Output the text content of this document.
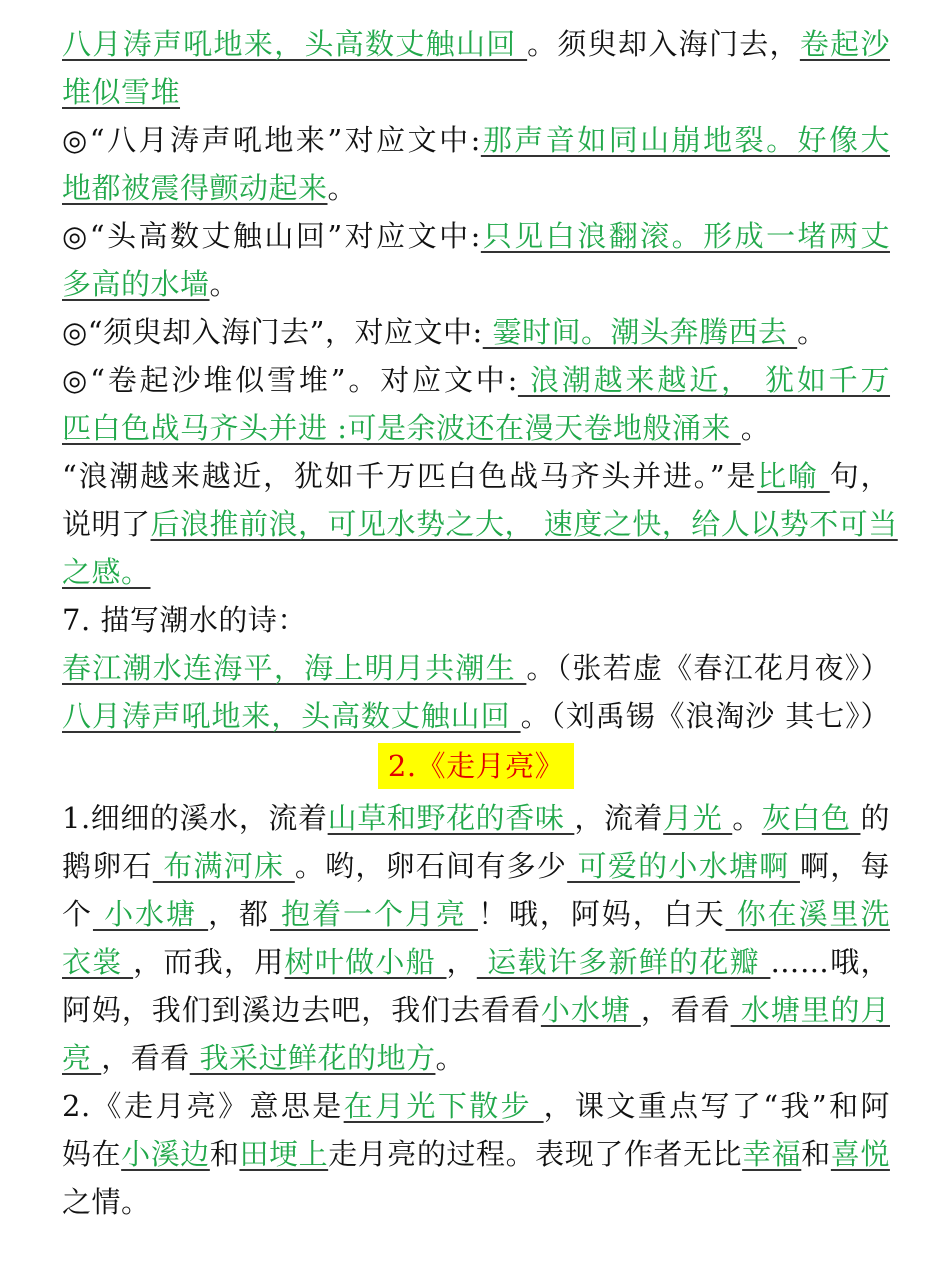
八月涛声吼地来，头高数丈触山回 。须臾却入海门去，卷起沙
堆似雪堆
◎“八月涛声吼地来”对应文中:那声音如同山崩地裂。好像大
地都被震得颤动起来。
◎“头高数丈触山回”对应文中:只见白浪翻滚。形成一堵两丈
多高的水墙。
◎“须臾却入海门去”，对应文中: 霎时间。潮头奔腾西去 。
◎“卷起沙堆似雪堆”。对应文中: 浪潮越来越近， 犹如千万
匹白色战马齐头并进 :可是余波还在漫天卷地般涌来 。
“浪潮越来越近，犹如千万匹白色战马齐头并进。”是比喻 句，
说明了后浪推前浪，可见水势之大， 速度之快，给人以势不可当
之感。
7. 描写潮水的诗：
春江潮水连海平，海上明月共潮生 。（张若虚《春江花月夜》）
八月涛声吼地来，头高数丈触山回 。（刘禹锡《浪淘沙 其七》）
2.《走月亮》
1.细细的溪水，流着山草和野花的香味 ，流着月光 。灰白色 的
鹅卵石 布满河床 。哟，卵石间有多少 可爱的小水塘啊 啊，每
个 小水塘 ，都 抱着一个月亮 ！哦，阿妈，白天 你在溪里洗
衣裳 ，而我，用树叶做小船 ， 运载许多新鲜的花瓣 ……哦，
阿妈，我们到溪边去吧，我们去看看小水塘 ，看看 水塘里的月
亮 ，看看 我采过鲜花的地方。
2.《走月亮》意思是在月光下散步 ，课文重点写了“我”和阿
妈在小溪边和田埂上走月亮的过程。表现了作者无比幸福和喜悦
之情。
